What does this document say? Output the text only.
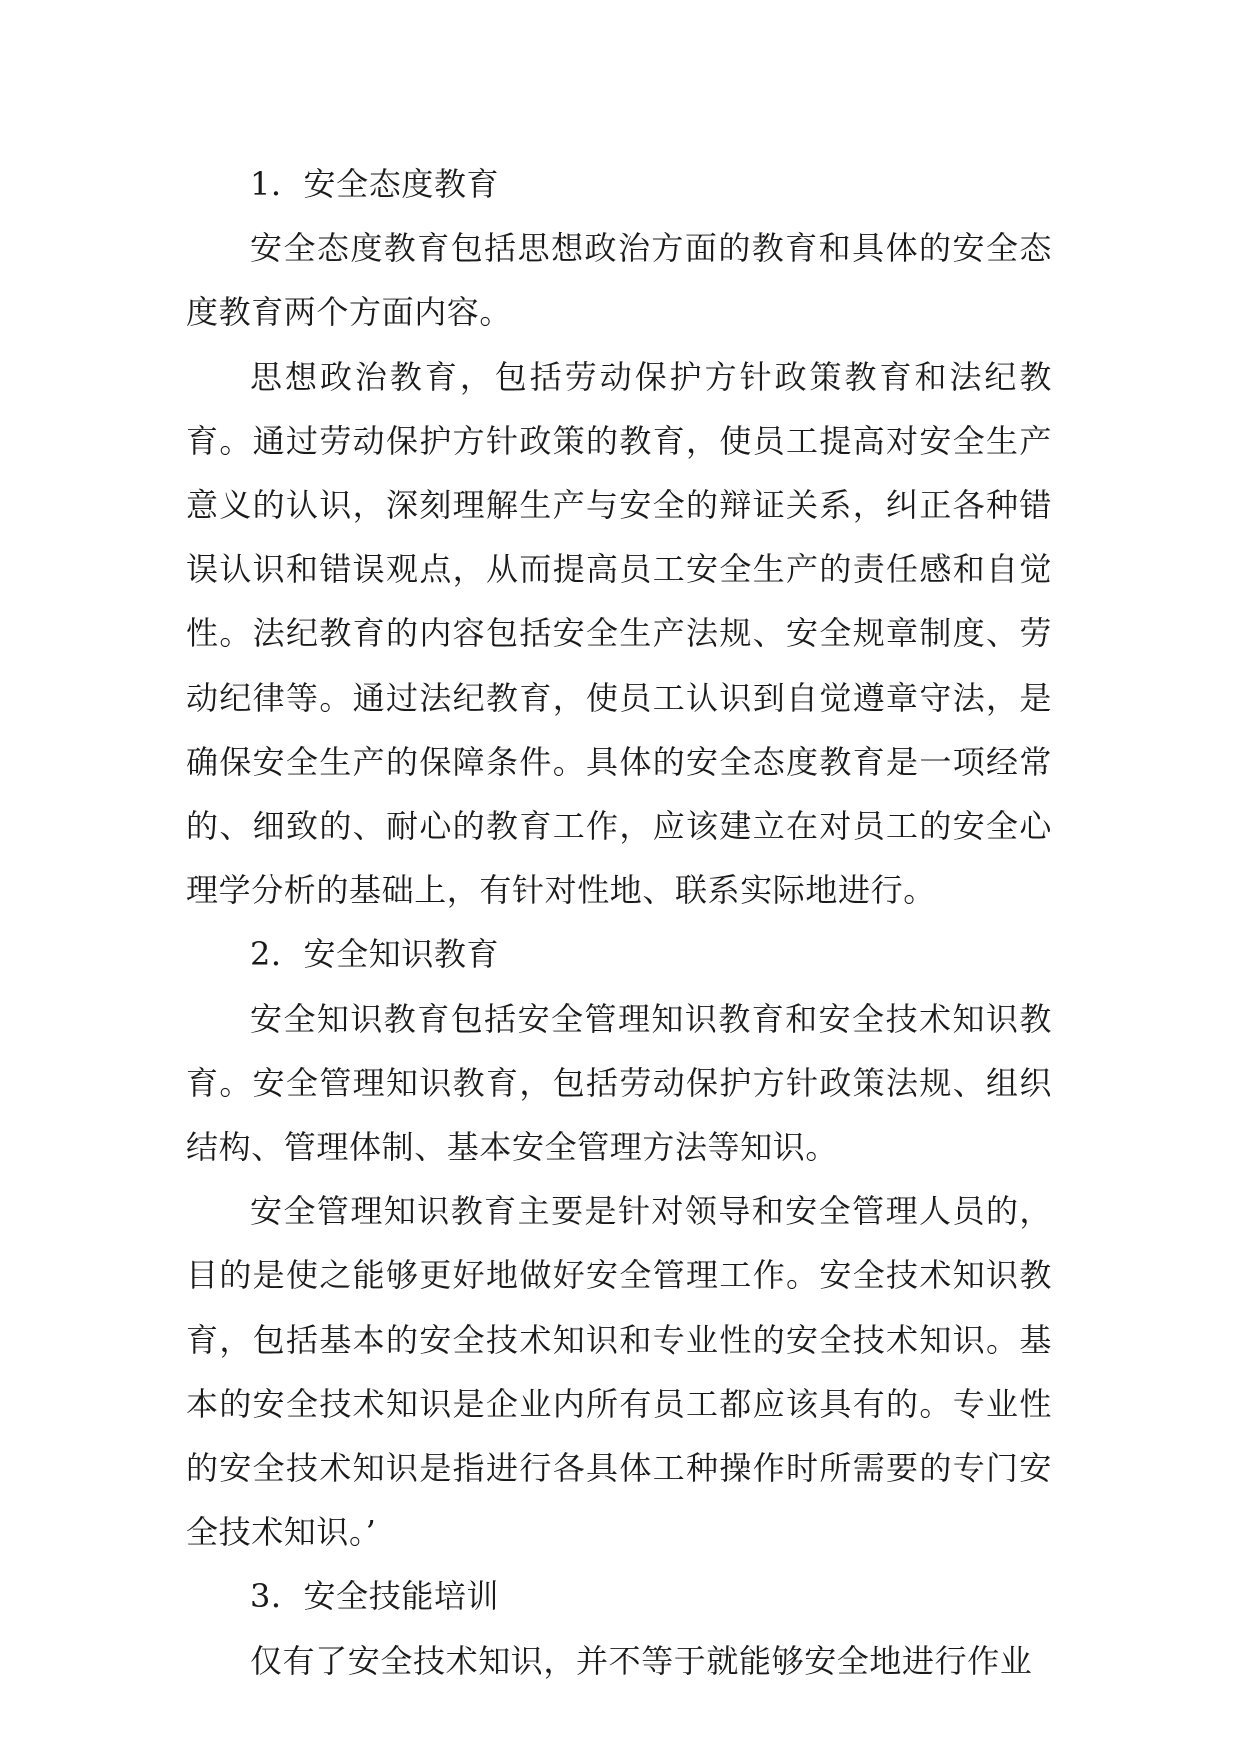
1．安全态度教育

安全态度教育包括思想政治方面的教育和具体的安全态度教育两个方面内容。

思想政治教育，包括劳动保护方针政策教育和法纪教育。通过劳动保护方针政策的教育，使员工提高对安全生产意义的认识，深刻理解生产与安全的辩证关系，纠正各种错误认识和错误观点，从而提高员工安全生产的责任感和自觉性。法纪教育的内容包括安全生产法规、安全规章制度、劳动纪律等。通过法纪教育，使员工认识到自觉遵章守法，是确保安全生产的保障条件。具体的安全态度教育是一项经常的、细致的、耐心的教育工作，应该建立在对员工的安全心理学分析的基础上，有针对性地、联系实际地进行。

2．安全知识教育

安全知识教育包括安全管理知识教育和安全技术知识教育。安全管理知识教育，包括劳动保护方针政策法规、组织结构、管理体制、基本安全管理方法等知识。

安全管理知识教育主要是针对领导和安全管理人员的，目的是使之能够更好地做好安全管理工作。安全技术知识教育，包括基本的安全技术知识和专业性的安全技术知识。基本的安全技术知识是企业内所有员工都应该具有的。专业性的安全技术知识是指进行各具体工种操作时所需要的专门安全技术知识。’

3．安全技能培训

仅有了安全技术知识，并不等于就能够安全地进行作业
